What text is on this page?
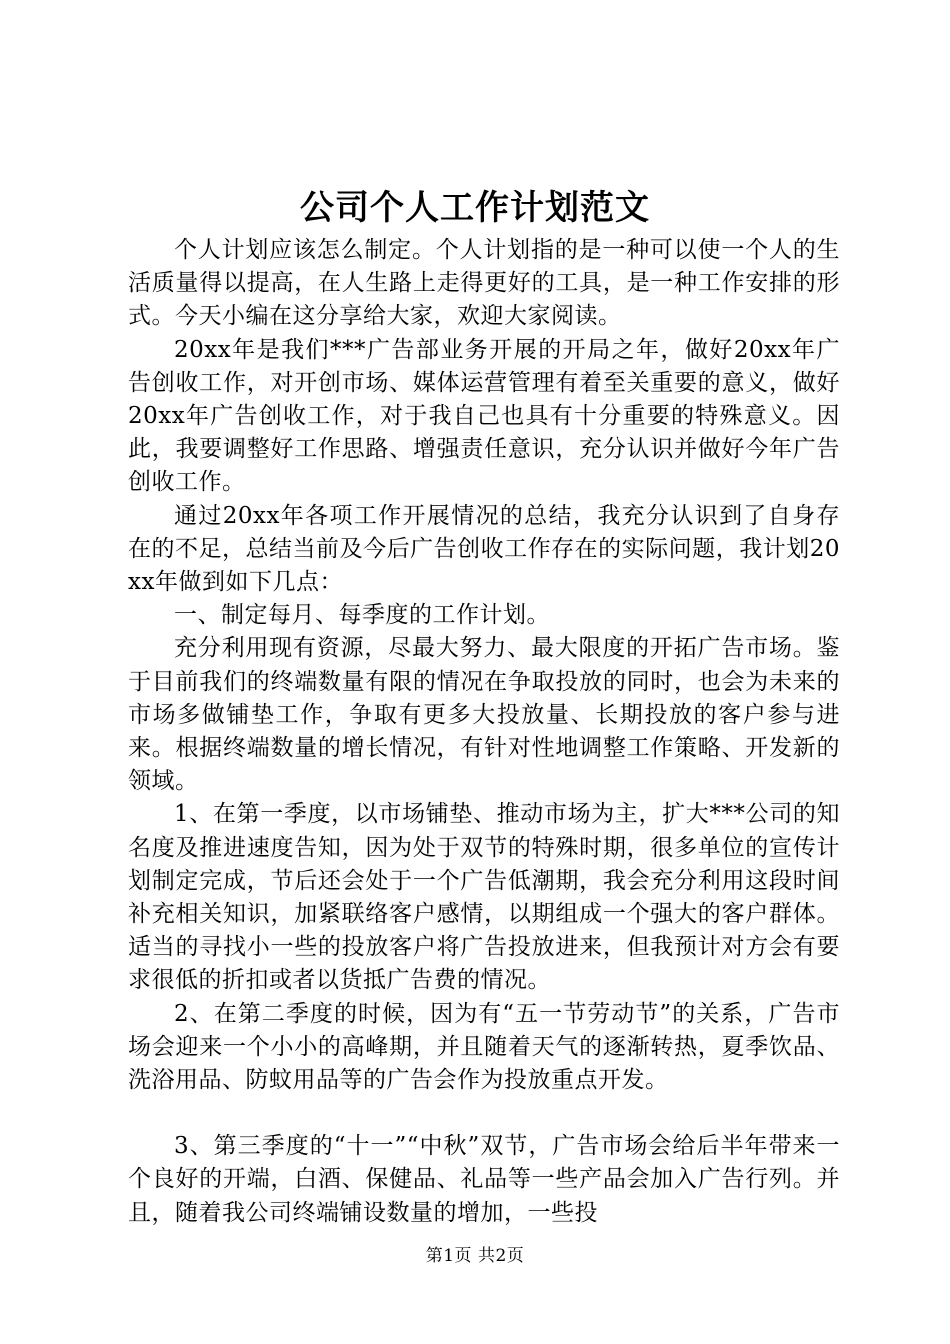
公司个人工作计划范文

个人计划应该怎么制定。个人计划指的是一种可以使一个人的生活质量得以提高，在人生路上走得更好的工具，是一种工作安排的形式。今天小编在这分享给大家，欢迎大家阅读。

20xx年是我们***广告部业务开展的开局之年，做好20xx年广告创收工作，对开创市场、媒体运营管理有着至关重要的意义，做好20xx年广告创收工作，对于我自己也具有十分重要的特殊意义。因此，我要调整好工作思路、增强责任意识，充分认识并做好今年广告创收工作。

通过20xx年各项工作开展情况的总结，我充分认识到了自身存在的不足，总结当前及今后广告创收工作存在的实际问题，我计划20xx年做到如下几点：

一、制定每月、每季度的工作计划。

充分利用现有资源，尽最大努力、最大限度的开拓广告市场。鉴于目前我们的终端数量有限的情况在争取投放的同时，也会为未来的市场多做铺垫工作，争取有更多大投放量、长期投放的客户参与进来。根据终端数量的增长情况，有针对性地调整工作策略、开发新的领域。

1、在第一季度，以市场铺垫、推动市场为主，扩大***公司的知名度及推进速度告知，因为处于双节的特殊时期，很多单位的宣传计划制定完成，节后还会处于一个广告低潮期，我会充分利用这段时间补充相关知识，加紧联络客户感情，以期组成一个强大的客户群体。适当的寻找小一些的投放客户将广告投放进来，但我预计对方会有要求很低的折扣或者以货抵广告费的情况。

2、在第二季度的时候，因为有“五一节劳动节”的关系，广告市场会迎来一个小小的高峰期，并且随着天气的逐渐转热，夏季饮品、洗浴用品、防蚊用品等的广告会作为投放重点开发。

3、第三季度的“十一”“中秋”双节，广告市场会给后半年带来一个良好的开端，白酒、保健品、礼品等一些产品会加入广告行列。并且，随着我公司终端铺设数量的增加，一些投

第1页 共2页
